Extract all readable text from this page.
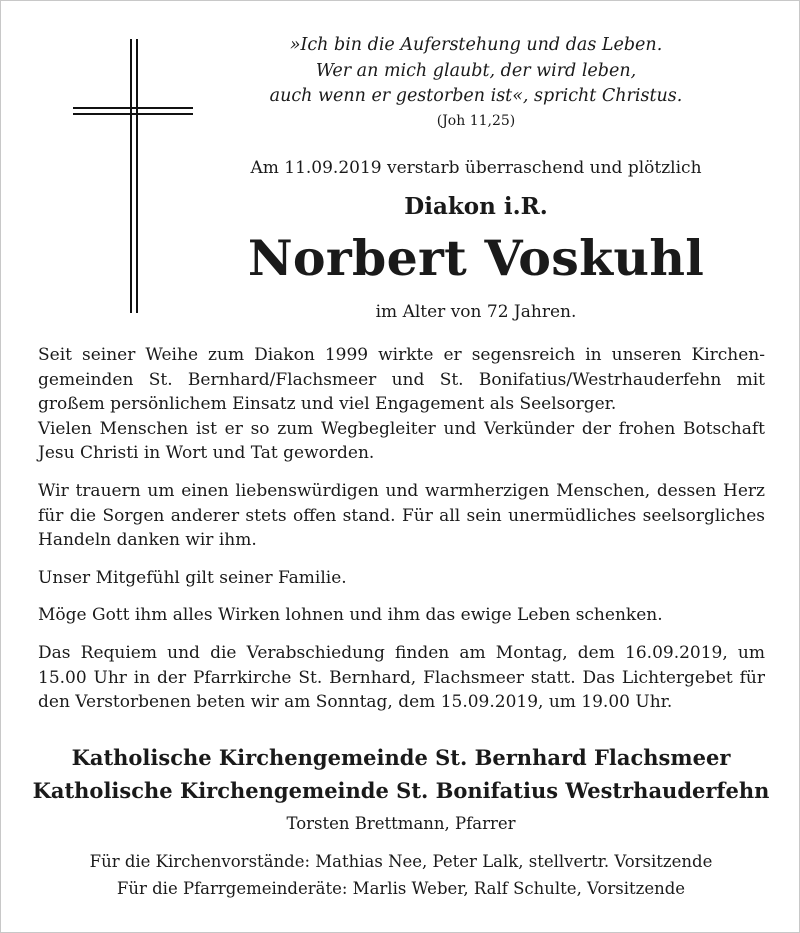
»Ich bin die Auferstehung und das Leben.
Wer an mich glaubt, der wird leben,
auch wenn er gestorben ist«, spricht Christus.
(Joh 11,25)
Am 11.09.2019 verstarb überraschend und plötzlich
Diakon i.R.
Norbert Voskuhl
im Alter von 72 Jahren.

Seit seiner Weihe zum Diakon 1999 wirkte er segensreich in unseren Kirchen-
gemeinden St. Bernhard/Flachsmeer und St. Bonifatius/Westrhauderfehn mit
großem persönlichem Einsatz und viel Engagement als Seelsorger.
Vielen Menschen ist er so zum Wegbegleiter und Verkünder der frohen Botschaft
Jesu Christi in Wort und Tat geworden.

Wir trauern um einen liebenswürdigen und warmherzigen Menschen, dessen Herz
für die Sorgen anderer stets offen stand. Für all sein unermüdliches seelsorgliches
Handeln danken wir ihm.

Unser Mitgefühl gilt seiner Familie.

Möge Gott ihm alles Wirken lohnen und ihm das ewige Leben schenken.

Das Requiem und die Verabschiedung finden am Montag, dem 16.09.2019, um
15.00 Uhr in der Pfarrkirche St. Bernhard, Flachsmeer statt. Das Lichtergebet für
den Verstorbenen beten wir am Sonntag, dem 15.09.2019, um 19.00 Uhr.

Katholische Kirchengemeinde St. Bernhard Flachsmeer
Katholische Kirchengemeinde St. Bonifatius Westrhauderfehn
Torsten Brettmann, Pfarrer
Für die Kirchenvorstände: Mathias Nee, Peter Lalk, stellvertr. Vorsitzende
Für die Pfarrgemeinderäte: Marlis Weber, Ralf Schulte, Vorsitzende
